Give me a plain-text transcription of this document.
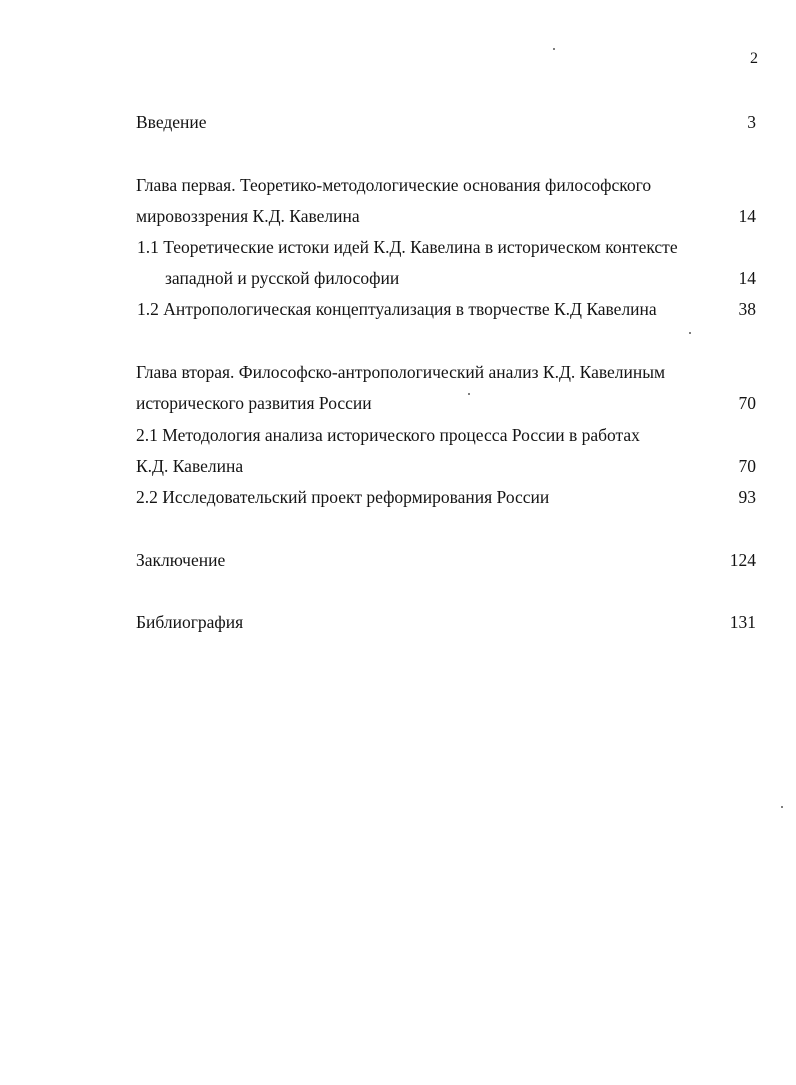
2
Введение	3
Глава первая. Теоретико-методологические основания философского
мировоззрения К.Д. Кавелина	14
1.1 Теоретические истоки идей К.Д. Кавелина в историческом контексте
западной и русской философии	14
1.2 Антропологическая концептуализация в творчестве К.Д Кавелина	38
Глава вторая. Философско-антропологический анализ К.Д. Кавелиным
исторического развития России	70
2.1 Методология анализа исторического процесса России в работах
К.Д. Кавелина	70
2.2 Исследовательский проект реформирования России	93
Заключение	124
Библиография	131
